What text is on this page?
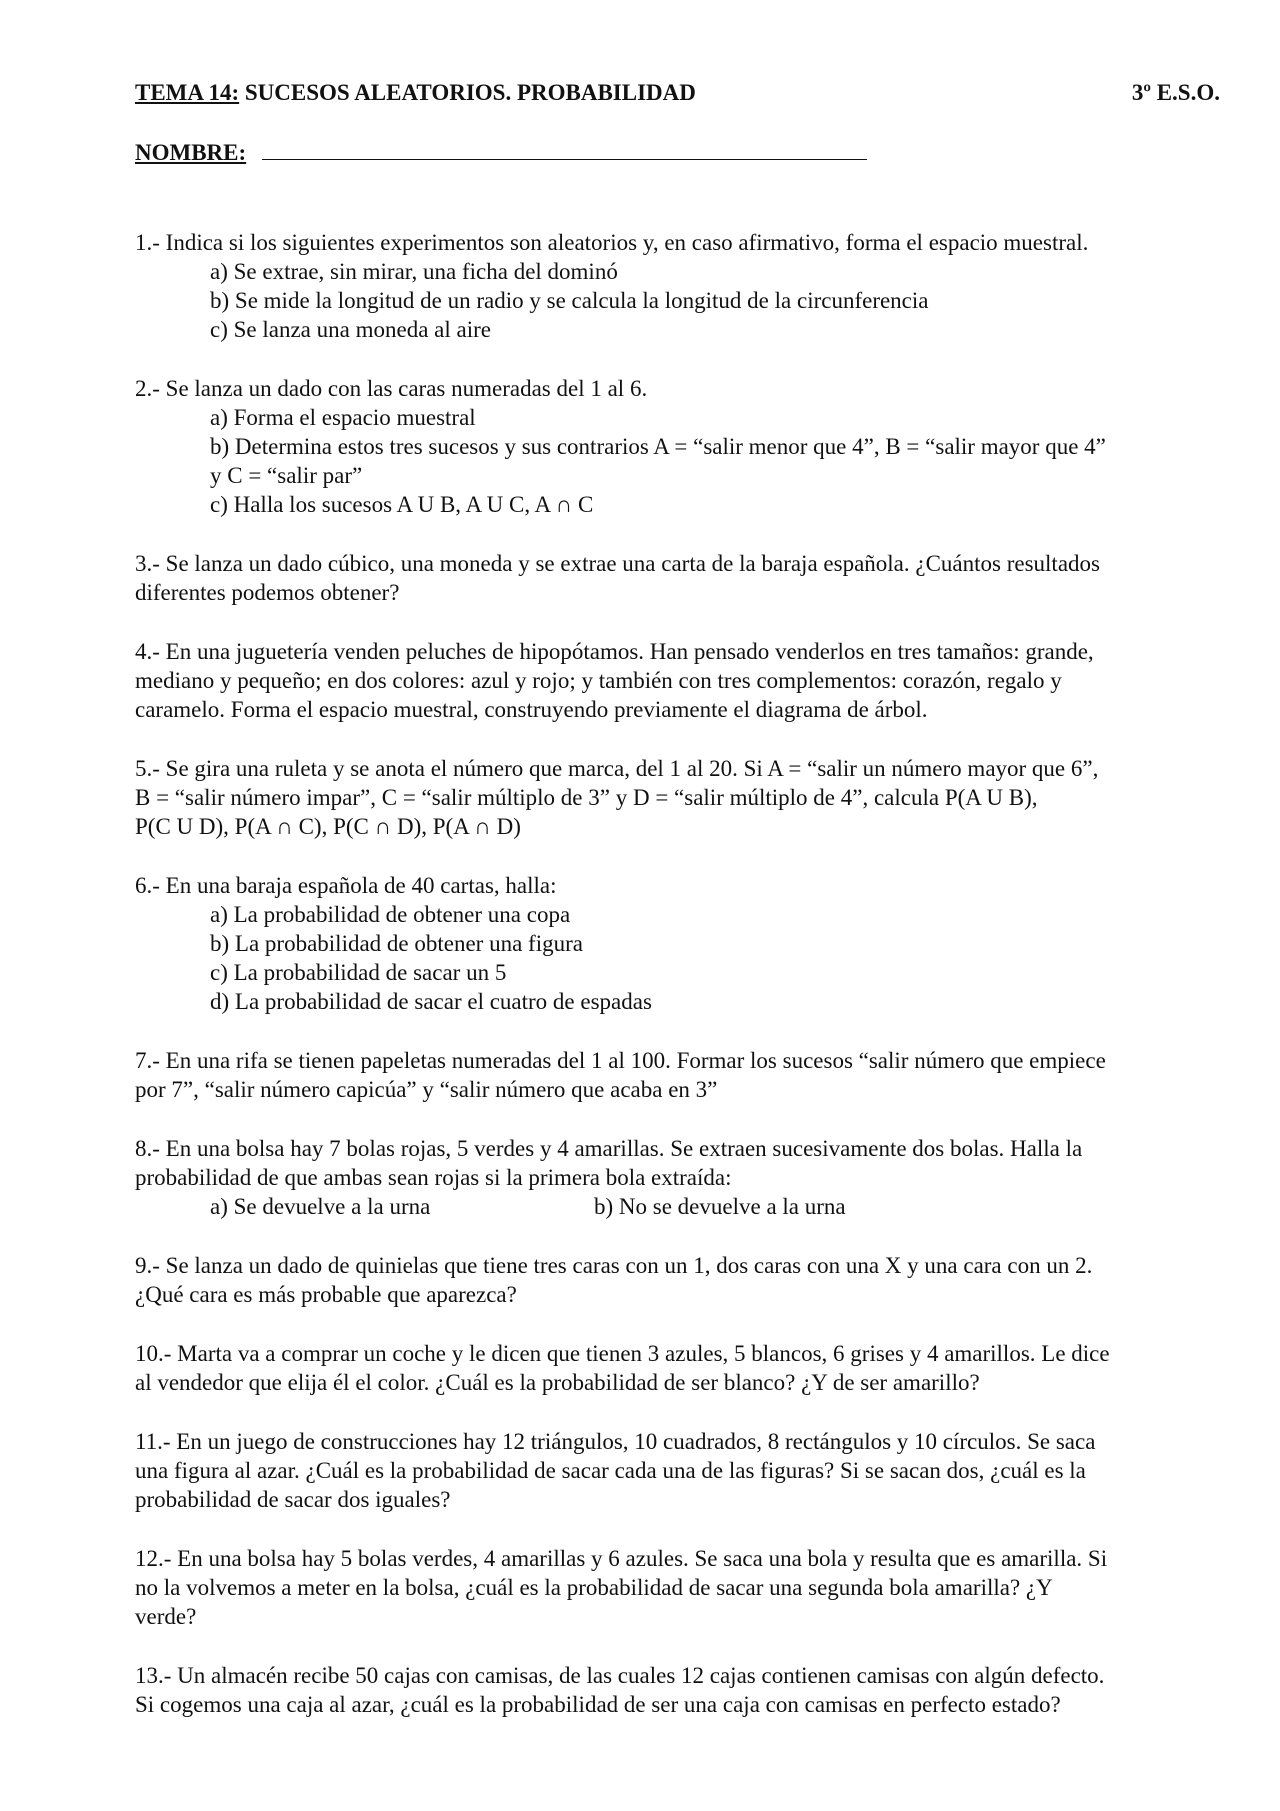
TEMA 14: SUCESOS ALEATORIOS. PROBABILIDAD	3º E.S.O.
NOMBRE:

1.- Indica si los siguientes experimentos son aleatorios y, en caso afirmativo, forma el espacio muestral.

a) Se extrae, sin mirar, una ficha del dominó

b) Se mide la longitud de un radio y se calcula la longitud de la circunferencia

c) Se lanza una moneda al aire

2.- Se lanza un dado con las caras numeradas del 1 al 6.

a) Forma el espacio muestral

b) Determina estos tres sucesos y sus contrarios A = “salir menor que 4”, B = “salir mayor que 4”

y C = “salir par”

c) Halla los sucesos A U B, A U C, A ∩ C

3.- Se lanza un dado cúbico, una moneda y se extrae una carta de la baraja española. ¿Cuántos resultados

diferentes podemos obtener?

4.- En una juguetería venden peluches de hipopótamos. Han pensado venderlos en tres tamaños: grande,

mediano y pequeño; en dos colores: azul y rojo; y también con tres complementos: corazón, regalo y

caramelo. Forma el espacio muestral, construyendo previamente el diagrama de árbol.

5.- Se gira una ruleta y se anota el número que marca, del 1 al 20. Si A = “salir un número mayor que 6”,

B = “salir número impar”, C = “salir múltiplo de 3” y D = “salir múltiplo de 4”, calcula P(A U B),

P(C U D), P(A ∩ C), P(C ∩ D), P(A ∩ D)

6.- En una baraja española de 40 cartas, halla:

a) La probabilidad de obtener una copa

b) La probabilidad de obtener una figura

c) La probabilidad de sacar un 5

d) La probabilidad de sacar el cuatro de espadas

7.- En una rifa se tienen papeletas numeradas del 1 al 100. Formar los sucesos “salir número que empiece

por 7”, “salir número capicúa” y “salir número que acaba en 3”

8.- En una bolsa hay 7 bolas rojas, 5 verdes y 4 amarillas. Se extraen sucesivamente dos bolas. Halla la

probabilidad de que ambas sean rojas si la primera bola extraída:

a) Se devuelve a la urna	b) No se devuelve a la urna

9.- Se lanza un dado de quinielas que tiene tres caras con un 1, dos caras con una X y una cara con un 2.

¿Qué cara es más probable que aparezca?

10.- Marta va a comprar un coche y le dicen que tienen 3 azules, 5 blancos, 6 grises y 4 amarillos. Le dice

al vendedor que elija él el color. ¿Cuál es la probabilidad de ser blanco? ¿Y de ser amarillo?

11.- En un juego de construcciones hay 12 triángulos, 10 cuadrados, 8 rectángulos y 10 círculos. Se saca

una figura al azar. ¿Cuál es la probabilidad de sacar cada una de las figuras? Si se sacan dos, ¿cuál es la

probabilidad de sacar dos iguales?

12.- En una bolsa hay 5 bolas verdes, 4 amarillas y 6 azules. Se saca una bola y resulta que es amarilla. Si

no la volvemos a meter en la bolsa, ¿cuál es la probabilidad de sacar una segunda bola amarilla? ¿Y

verde?

13.- Un almacén recibe 50 cajas con camisas, de las cuales 12 cajas contienen camisas con algún defecto.

Si cogemos una caja al azar, ¿cuál es la probabilidad de ser una caja con camisas en perfecto estado?
